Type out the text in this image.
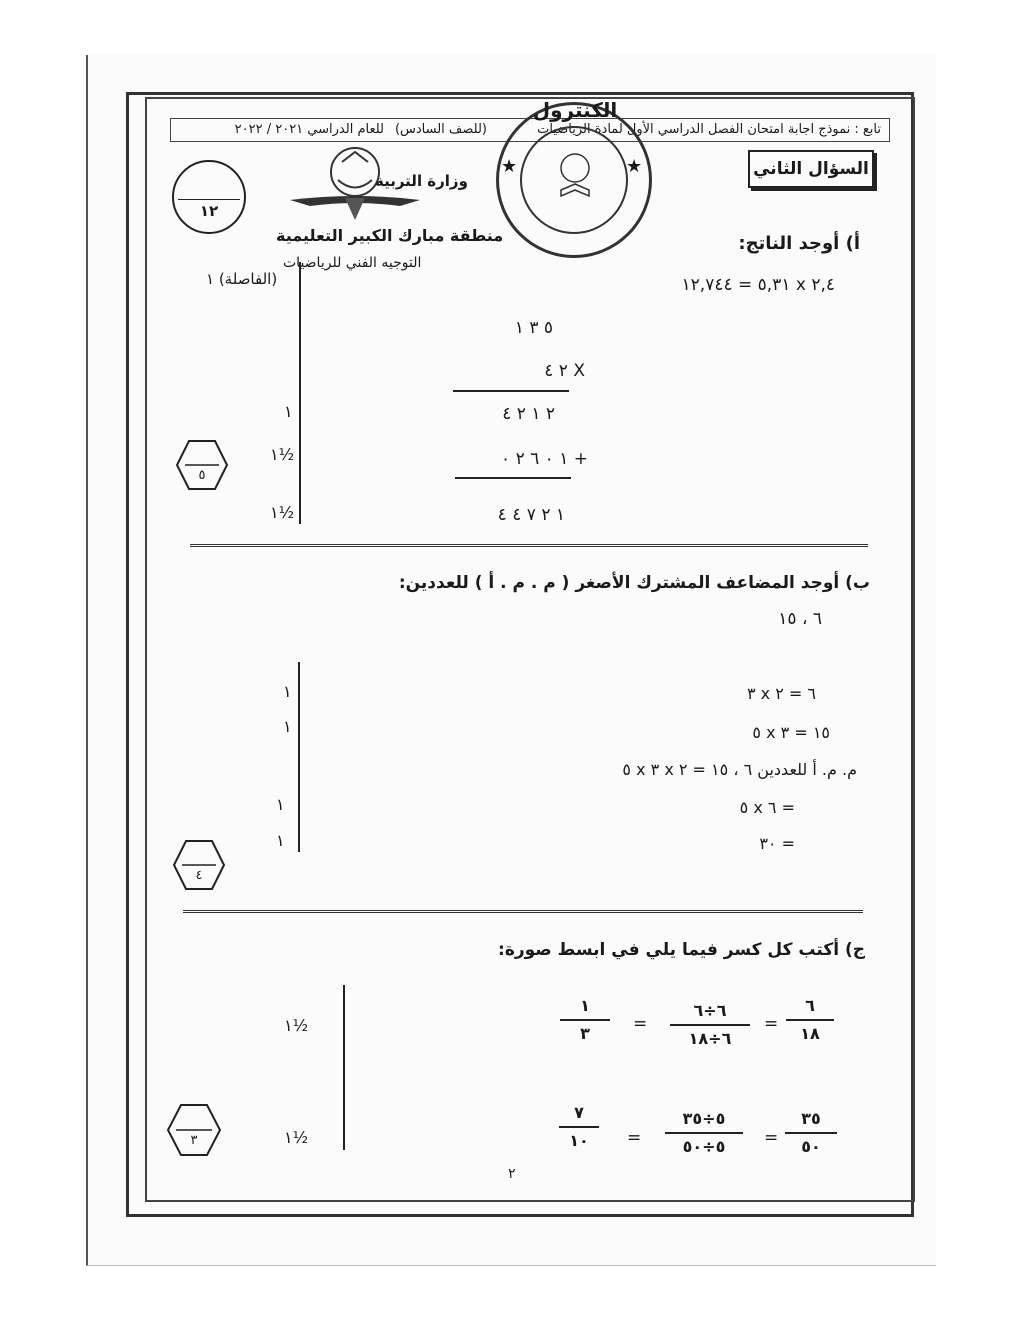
تابع : نموذج اجابة امتحان الفصل الدراسي الأول لمادة الرياضيات
(للصف السادس)
للعام الدراسي ٢٠٢١ / ٢٠٢٢
السؤال الثاني
١٢
وزارة التربية
منطقة مبارك الكبير التعليمية
التوجيه الفني للرياضيات
الكنترول
★	★
أ) أوجد الناتج:
٢,٤ x ٥,٣١ = ١٢,٧٤٤
(الفاصلة) ١
٥ ٣ ١
٢ ٤ X
٢ ١ ٢ ٤
+ ١ ٠ ٦ ٢ ٠
١ ٢ ٧ ٤ ٤
١
١½
١½
٥
ب) أوجد المضاعف المشترك الأصغر ( م . م . أ ) للعددين:
٦ ، ١٥
٦ = ٢ x ٣
١٥ = ٣ x ٥
م. م. أ للعددين ٦ ، ١٥ = ٢ x ٣ x ٥
= ٦ x ٥
= ٣٠
١
١
١
١
٤
ج) أكتب كل كسر فيما يلي في ابسط صورة:
٦
١٨
=
٦÷٦
٦÷١٨
=
١
٣
٣٥
٥٠
=
٥÷٣٥
٥÷٥٠
=
٧
١٠
١½
١½
٣
٢
